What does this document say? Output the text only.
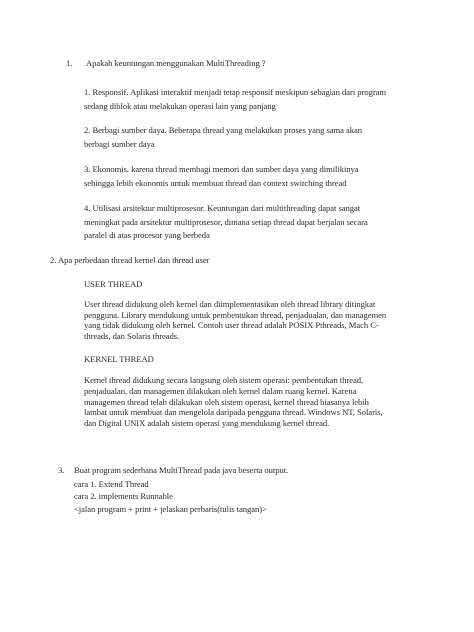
1. Apakah keuntungan menggunakan MultiThreading ?
1. Responsif. Aplikasi interaktif menjadi tetap responsif meskipun sebagian dari program
sedang diblok atau melakukan operasi lain yang panjang
2. Berbagi sumber daya. Beberapa thread yang melakukan proses yang sama akan
berbagi sumber daya
3. Ekonomis. karena thread membagi memori dan sumber daya yang dimilikinya
sehingga lebih ekonomis untuk membuat thread dan context switching thread
4. Utilisasi arsitektur multiprosesor. Keuntungan dari multithreading dapat sangat
meningkat pada arsitektur multiprosesor, dimana setiap thread dapat berjalan secara
paralel di atas procesor yang berbeda
2. Apa perbedaan thread kernel dan thread user
USER THREAD
User thread didukung oleh kernel dan diimplementasikan oleh thread library ditingkat
pengguna. Library mendukung untuk pembentukan thread, penjadualan, dan managemen
yang tidak didukung oleh kernel. Contoh user thread adalah POSIX Pthreads, Mach C-
threads, dan Solaris threads.
KERNEL THREAD
Kernel thread didukung secara langsung oleh sistem operasi: pembentukan thread,
penjadualan, dan managemen dilakukan oleh kernel dalam ruang kernel. Karena
managemen thread telah dilakukan oleh sistem operasi, kernel thread biasanya lebih
lambat untuk membuat dan mengelola daripada pengguna thread. Windows NT, Solaris,
dan Digital UNIX adalah sistem operasi yang mendukung kernel thread.
3. Buat program sederhana MultiThread pada java beserta output.
cara 1. Extend Thread
cara 2. implements Runnable
<jalan program + print + jelaskan perbaris(tulis tangan)>
